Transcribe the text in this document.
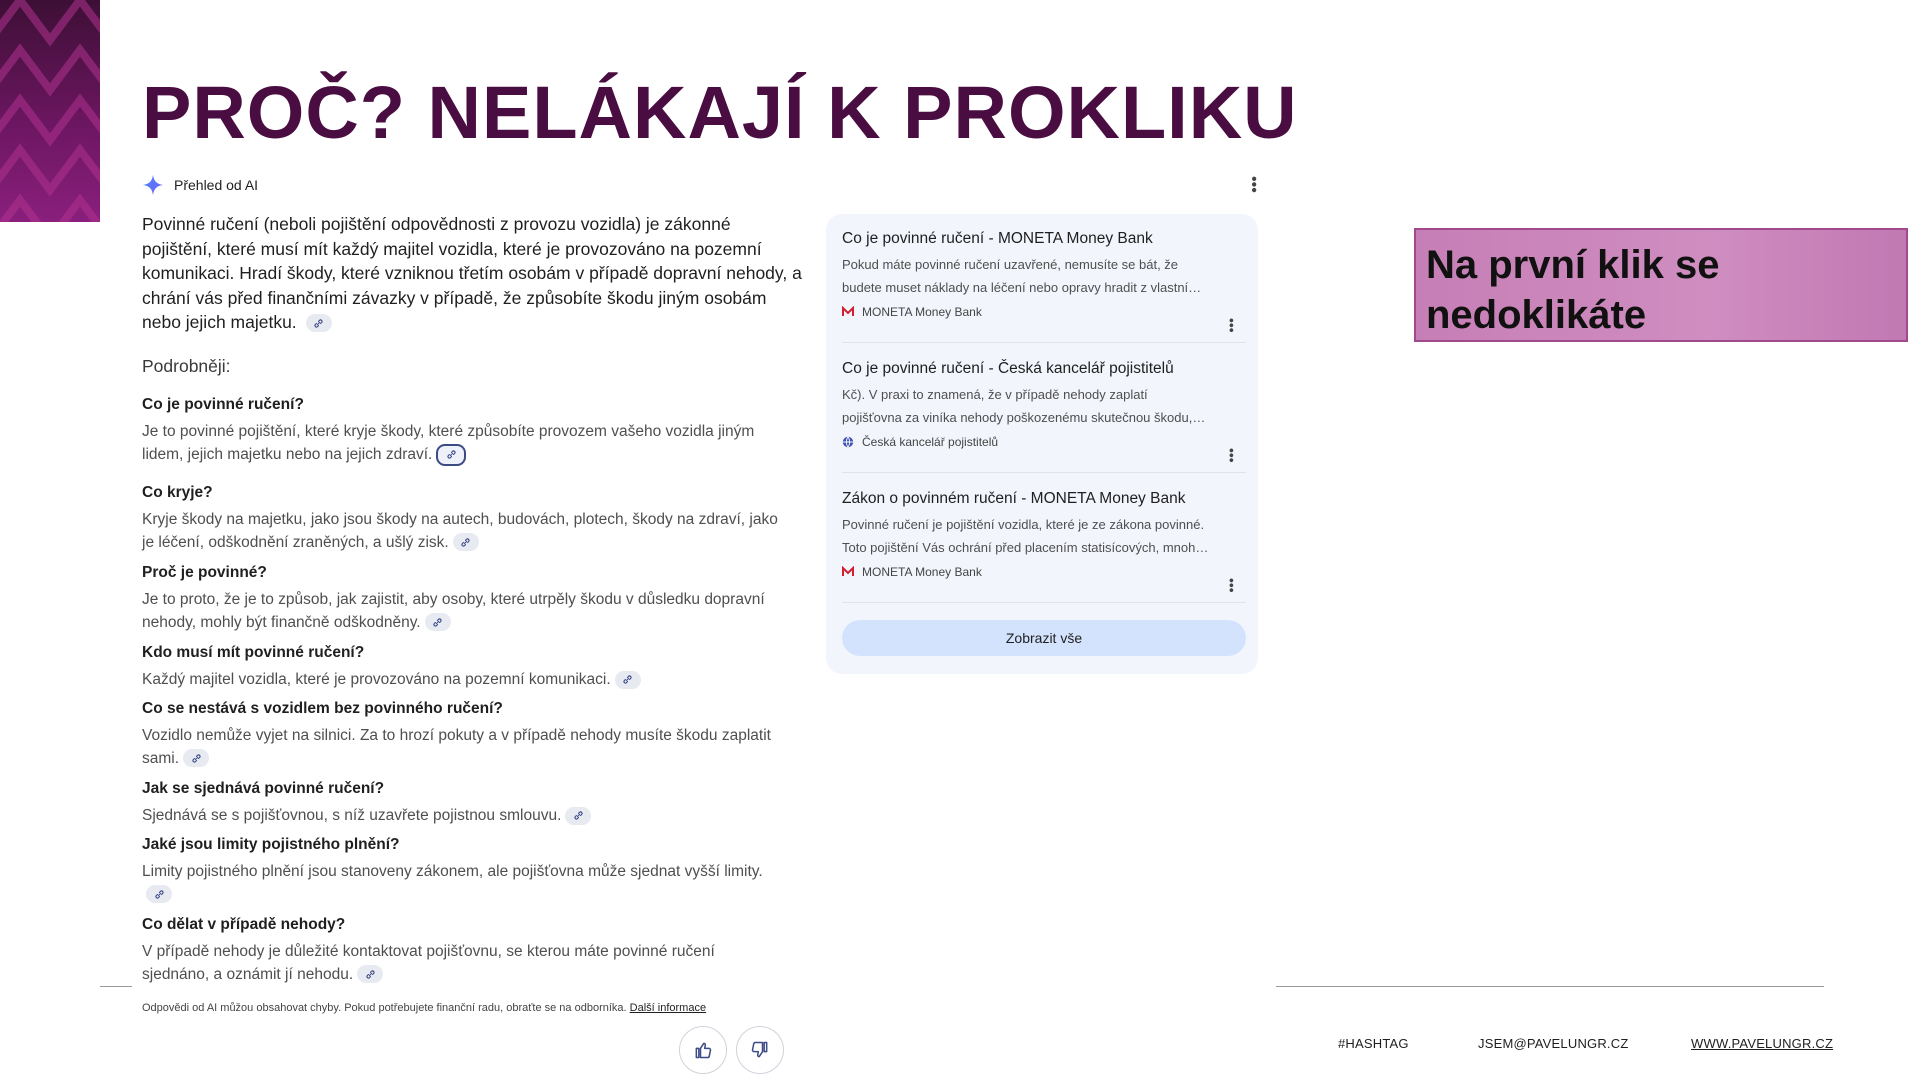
PROČ? NELÁKAJÍ K PROKLIKU
Přehled od AI	•••
Povinné ručení (neboli pojištění odpovědnosti z provozu vozidla) je zákonné pojištění, které musí mít každý majitel vozidla, které je provozováno na pozemní komunikaci. Hradí škody, které vzniknou třetím osobám v případě dopravní nehody, a chrání vás před finančními závazky v případě, že způsobíte škodu jiným osobám nebo jejich majetku.
Podrobněji:
Co je povinné ručení?
Je to povinné pojištění, které kryje škody, které způsobíte provozem vašeho vozidla jiným lidem, jejich majetku nebo na jejich zdraví.
Co kryje?
Kryje škody na majetku, jako jsou škody na autech, budovách, plotech, škody na zdraví, jako je léčení, odškodnění zraněných, a ušlý zisk.
Proč je povinné?
Je to proto, že je to způsob, jak zajistit, aby osoby, které utrpěly škodu v důsledku dopravní nehody, mohly být finančně odškodněny.
Kdo musí mít povinné ručení?
Každý majitel vozidla, které je provozováno na pozemní komunikaci.
Co se nestává s vozidlem bez povinného ručení?
Vozidlo nemůže vyjet na silnici. Za to hrozí pokuty a v případě nehody musíte škodu zaplatit sami.
Jak se sjednává povinné ručení?
Sjednává se s pojišťovnou, s níž uzavřete pojistnou smlouvu.
Jaké jsou limity pojistného plnění?
Limity pojistného plnění jsou stanoveny zákonem, ale pojišťovna může sjednat vyšší limity.
Co dělat v případě nehody?
V případě nehody je důležité kontaktovat pojišťovnu, se kterou máte povinné ručení sjednáno, a oznámit jí nehodu.
Co je povinné ručení - MONETA Money Bank
Pokud máte povinné ručení uzavřené, nemusíte se bát, že
budete muset náklady na léčení nebo opravy hradit z vlastní…
MONETA Money Bank
•••
Co je povinné ručení - Česká kancelář pojistitelů
Kč). V praxi to znamená, že v případě nehody zaplatí
pojišťovna za viníka nehody poškozenému skutečnou škodu,…
Česká kancelář pojistitelů
•••
Zákon o povinném ručení - MONETA Money Bank
Povinné ručení je pojištění vozidla, které je ze zákona povinné.
Toto pojištění Vás ochrání před placením statisícových, mnoh…
MONETA Money Bank
•••
Zobrazit vše
Na první klik se nedoklikáte
Odpovědi od AI můžou obsahovat chyby. Pokud potřebujete finanční radu, obraťte se na odborníka. Další informace
#HASHTAG	JSEM@PAVELUNGR.CZ	WWW.PAVELUNGR.CZ
